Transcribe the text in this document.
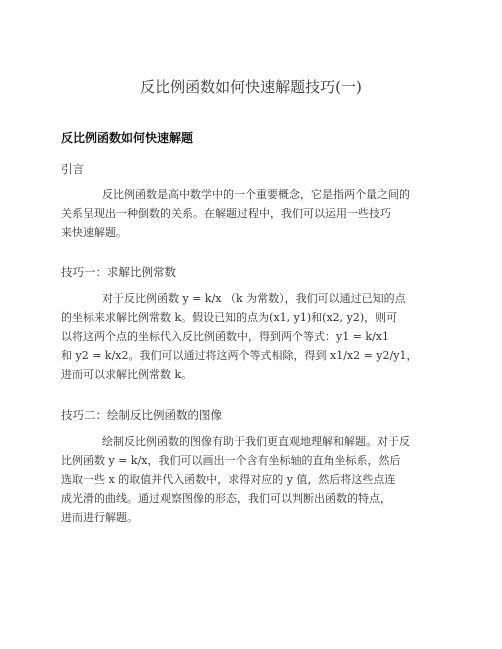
反比例函数如何快速解题技巧(一)
反比例函数如何快速解题
引言
反比例函数是高中数学中的一个重要概念，它是指两个量之间的
关系呈现出一种倒数的关系。在解题过程中，我们可以运用一些技巧
来快速解题。
技巧一：求解比例常数
对于反比例函数 y = k/x （k 为常数），我们可以通过已知的点
的坐标来求解比例常数 k。假设已知的点为(x1, y1)和(x2, y2)，则可
以将这两个点的坐标代入反比例函数中，得到两个等式：y1 = k/x1
和 y2 = k/x2。我们可以通过将这两个等式相除，得到 x1/x2 = y2/y1，
进而可以求解比例常数 k。
技巧二：绘制反比例函数的图像
绘制反比例函数的图像有助于我们更直观地理解和解题。对于反
比例函数 y = k/x，我们可以画出一个含有坐标轴的直角坐标系，然后
选取一些 x 的取值并代入函数中，求得对应的 y 值，然后将这些点连
成光滑的曲线。通过观察图像的形态，我们可以判断出函数的特点，
进而进行解题。
